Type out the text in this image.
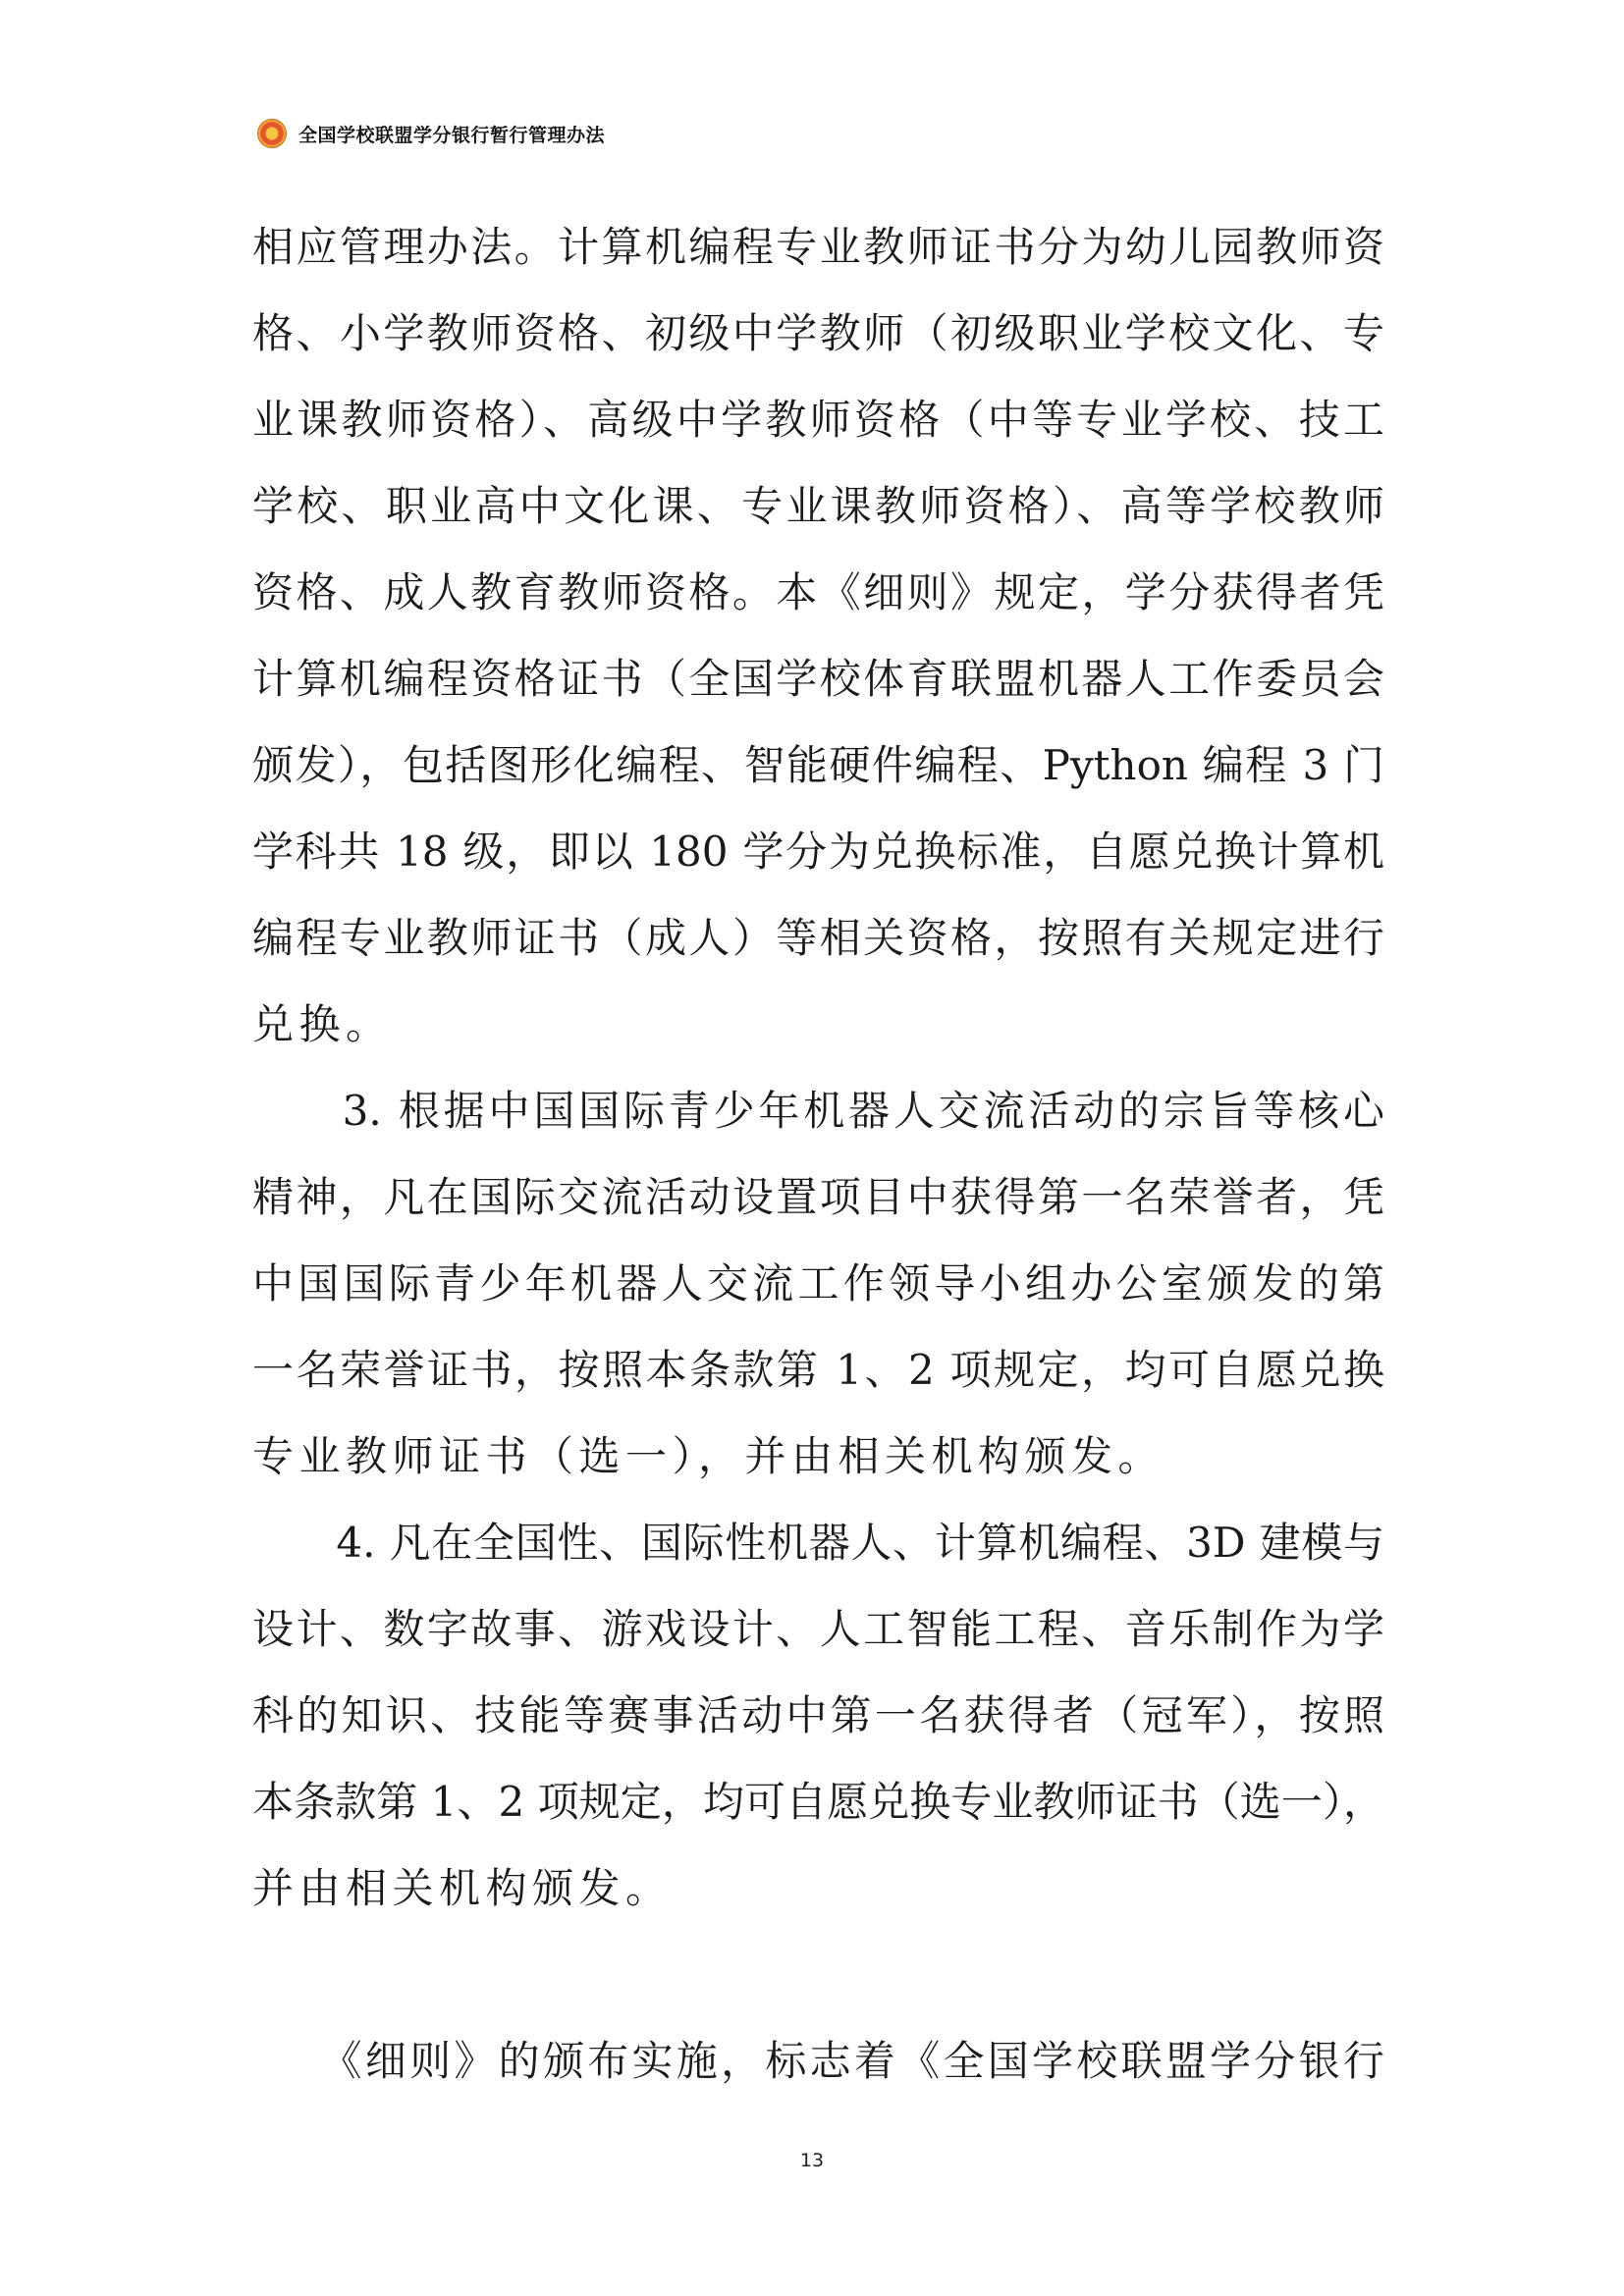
全国学校联盟学分银行暂行管理办法
相应管理办法。计算机编程专业教师证书分为幼儿园教师资
格、小学教师资格、初级中学教师（初级职业学校文化、专
业课教师资格）、高级中学教师资格（中等专业学校、技工
学校、职业高中文化课、专业课教师资格）、高等学校教师
资格、成人教育教师资格。本《细则》规定，学分获得者凭
计算机编程资格证书（全国学校体育联盟机器人工作委员会
颁发），包括图形化编程、智能硬件编程、Python 编程 3 门
学科共 18 级，即以 180 学分为兑换标准，自愿兑换计算机
编程专业教师证书（成人）等相关资格，按照有关规定进行
兑换。
　　3. 根据中国国际青少年机器人交流活动的宗旨等核心
精神，凡在国际交流活动设置项目中获得第一名荣誉者，凭
中国国际青少年机器人交流工作领导小组办公室颁发的第
一名荣誉证书，按照本条款第 1、2 项规定，均可自愿兑换
专业教师证书（选一），并由相关机构颁发。
　　4. 凡在全国性、国际性机器人、计算机编程、3D 建模与
设计、数字故事、游戏设计、人工智能工程、音乐制作为学
科的知识、技能等赛事活动中第一名获得者（冠军），按照
本条款第 1、2 项规定，均可自愿兑换专业教师证书（选一），
并由相关机构颁发。
　　《细则》的颁布实施，标志着《全国学校联盟学分银行
13
